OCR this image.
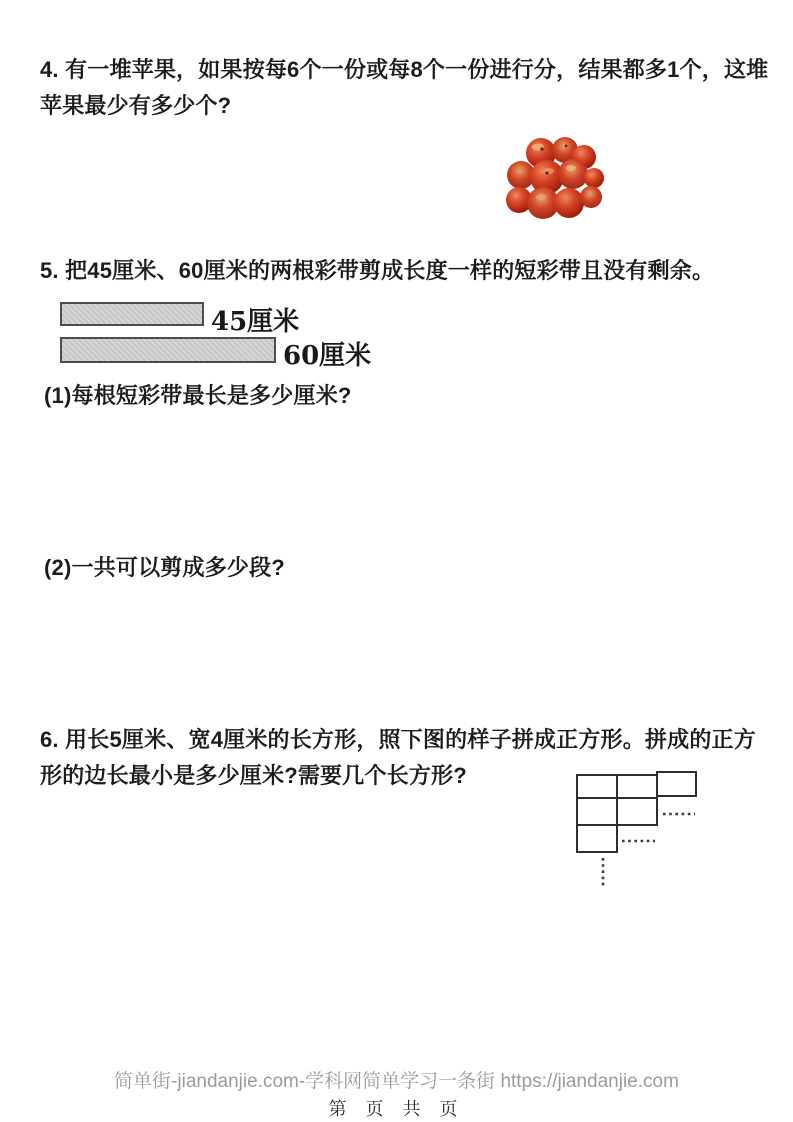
4. 有一堆苹果，如果按每6个一份或每8个一份进行分，结果都多1个，这堆
苹果最少有多少个?
5. 把45厘米、60厘米的两根彩带剪成长度一样的短彩带且没有剩余。
45厘米
60厘米
(1)每根短彩带最长是多少厘米?
(2)一共可以剪成多少段?
6. 用长5厘米、宽4厘米的长方形，照下图的样子拼成正方形。拼成的正方
形的边长最小是多少厘米?需要几个长方形?
简单街-jiandanjie.com-学科网简单学习一条街 https://jiandanjie.com
第 页 共 页
